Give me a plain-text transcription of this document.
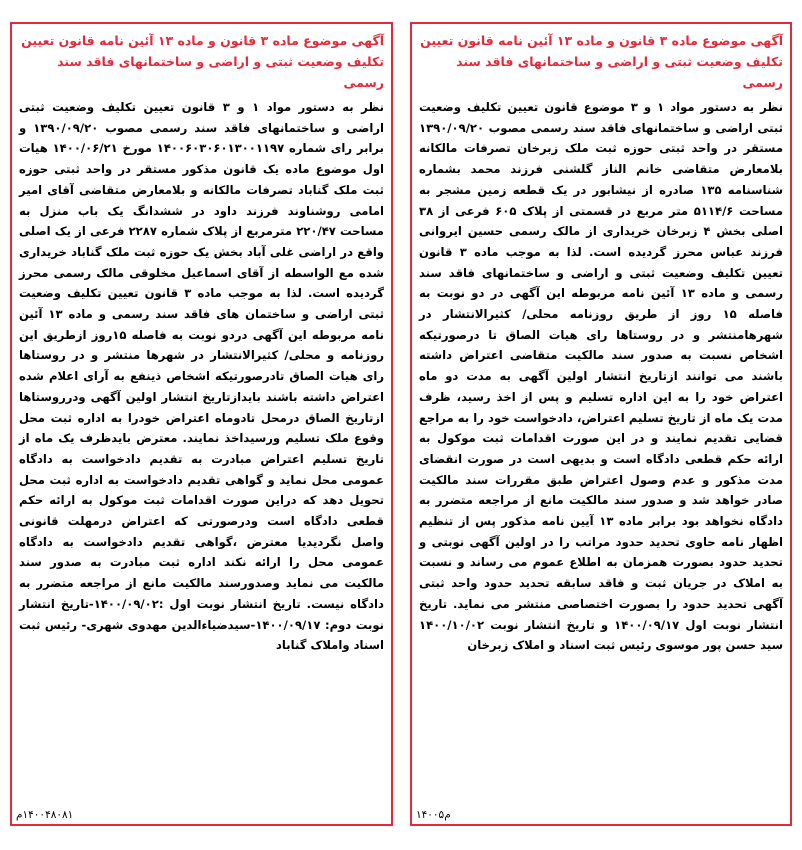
آگهی موضوع ماده ۳ قانون و ماده ۱۳ آئین نامه قانون تعیین تکلیف وضعیت ثبتی و اراضی و ساختمانهای فاقد سند رسمی

نظر به دستور مواد ۱ و ۳ قانون تعیین تکلیف وضعیت ثبتی اراضی و ساختمانهای فاقد سند رسمی مصوب ۱۳۹۰/۰۹/۲۰ و برابر رای شماره ۱۴۰۰۶۰۳۰۶۰۱۳۰۰۱۱۹۷ مورخ ۱۴۰۰/۰۶/۲۱ هیات اول موضوع ماده یک قانون مذکور مستقر در واحد ثبتی حوزه ثبت ملک گناباد تصرفات مالکانه و بلامعارض متقاضی آقای امیر امامی روشناوند فرزند داود در ششدانگ یک باب منزل به مساحت ۲۲۰/۴۷ مترمربع از پلاک شماره ۲۲۸۷ فرعی از یک اصلی واقع در اراضی غلی آباد بخش یک حوزه ثبت ملک گناباد خریداری شده مع الواسطه از آقای اسماعیل مخلوقی مالک رسمی محرز گردیده است. لذا به موجب ماده ۳ قانون تعیین تکلیف وضعیت ثبتی اراضی و ساختمان های فاقد سند رسمی و ماده ۱۳ آئین نامه مربوطه این آگهی دردو نوبت به فاصله ۱۵روز ازطریق این روزنامه و محلی/ کثیرالانتشار در شهرها منتشر و در روستاها رای هیات الصاق تادرصورتیکه اشخاص ذینفع به آرای اعلام شده اعتراض داشته باشند بایدازتاریخ انتشار اولین آگهی ودرروستاها ازتاریخ الصاق درمحل تادوماه اعتراض خودرا به اداره ثبت محل وقوع ملک تسلیم ورسیداخذ نمایند. معترض بایدظرف یک ماه از تاریخ تسلیم اعتراض مبادرت به تقدیم دادخواست به دادگاه عمومی محل نماید و گواهی تقدیم دادخواست به اداره ثبت محل تحویل دهد که دراین صورت اقدامات ثبت موکول به ارائه حکم قطعی دادگاه است ودرصورتی که اعتراض درمهلت قانونی واصل نگردیدیا معترض ،گواهی تقدیم دادخواست به دادگاه عمومی محل را ارائه نکند اداره ثبت مبادرت به صدور سند مالکیت می نماید وصدورسند مالکیت مانع از مراجعه متضرر به دادگاه نیست. تاریخ انتشار نوبت اول :۱۴۰۰/۰۹/۰۲-تاریخ انتشار نوبت دوم: ۱۴۰۰/۰۹/۱۷-سیدضیاءالدین مهدوی شهری- رئیس ثبت اسناد واملاک گناباد

۱۴۰۰۴۸۰۸۱م

آگهی موضوع ماده ۳ قانون و ماده ۱۳ آئین نامه قانون تعیین تکلیف وضعیت ثبتی و اراضی و ساختمانهای فاقد سند رسمی

نظر به دستور مواد ۱ و ۳ موضوع قانون تعیین تکلیف وضعیت ثبتی اراضی و ساختمانهای فاقد سند رسمی مصوب ۱۳۹۰/۰۹/۲۰ مستقر در واحد ثبتی حوزه ثبت ملک زبرخان تصرفات مالکانه بلامعارض متقاضی خانم الناز گلشنی فرزند محمد بشماره شناسنامه ۱۳۵ صادره از نیشابور در یک قطعه زمین مشجر به مساحت ۵۱۱۴/۶ متر مربع در قسمتی از پلاک ۶۰۵ فرعی از ۳۸ اصلی بخش ۴ زبرخان خریداری از مالک رسمی حسین ایروانی فرزند عباس محرز گردیده است. لذا به موجب ماده ۳ قانون تعیین تکلیف وضعیت ثبتی و اراضی و ساختمانهای فاقد سند رسمی و ماده ۱۳ آئین نامه مربوطه این آگهی در دو نوبت به فاصله ۱۵ روز از طریق روزنامه محلی/ کثیرالانتشار در شهرهامنتشر و در روستاها رای هیات الصاق تا درصورتیکه اشخاص نسبت به صدور سند مالکیت متقاضی اعتراض داشته باشند می توانند ازتاریخ انتشار اولین آگهی به مدت دو ماه اعتراض خود را به این اداره تسلیم و پس از اخذ رسید، ظرف مدت یک ماه از تاریخ تسلیم اعتراض، دادخواست خود را به مراجع قضایی تقدیم نمایند و در این صورت اقدامات ثبت موکول به ارائه حکم قطعی دادگاه است و بدیهی است در صورت انقضای مدت مذکور و عدم وصول اعتراض طبق مقررات سند مالکیت صادر خواهد شد و صدور سند مالکیت مانع از مراجعه متضرر به دادگاه نخواهد بود برابر ماده ۱۳ آیین نامه مذکور پس از تنظیم اظهار نامه حاوی تحدید حدود مراتب را در اولین آگهی نوبتی و تحدید حدود بصورت همزمان به اطلاع عموم می رساند و نسبت به املاک در جریان ثبت و فاقد سابقه تحدید حدود واحد ثبتی آگهی تحدید حدود را بصورت اختصاصی منتشر می نماید. تاریخ انتشار نوبت اول ۱۴۰۰/۰۹/۱۷ و تاریخ انتشار نوبت ۱۴۰۰/۱۰/۰۲ سید حسن پور موسوی رئیس ثبت اسناد و املاک زبرخان

م۱۴۰۰۵
